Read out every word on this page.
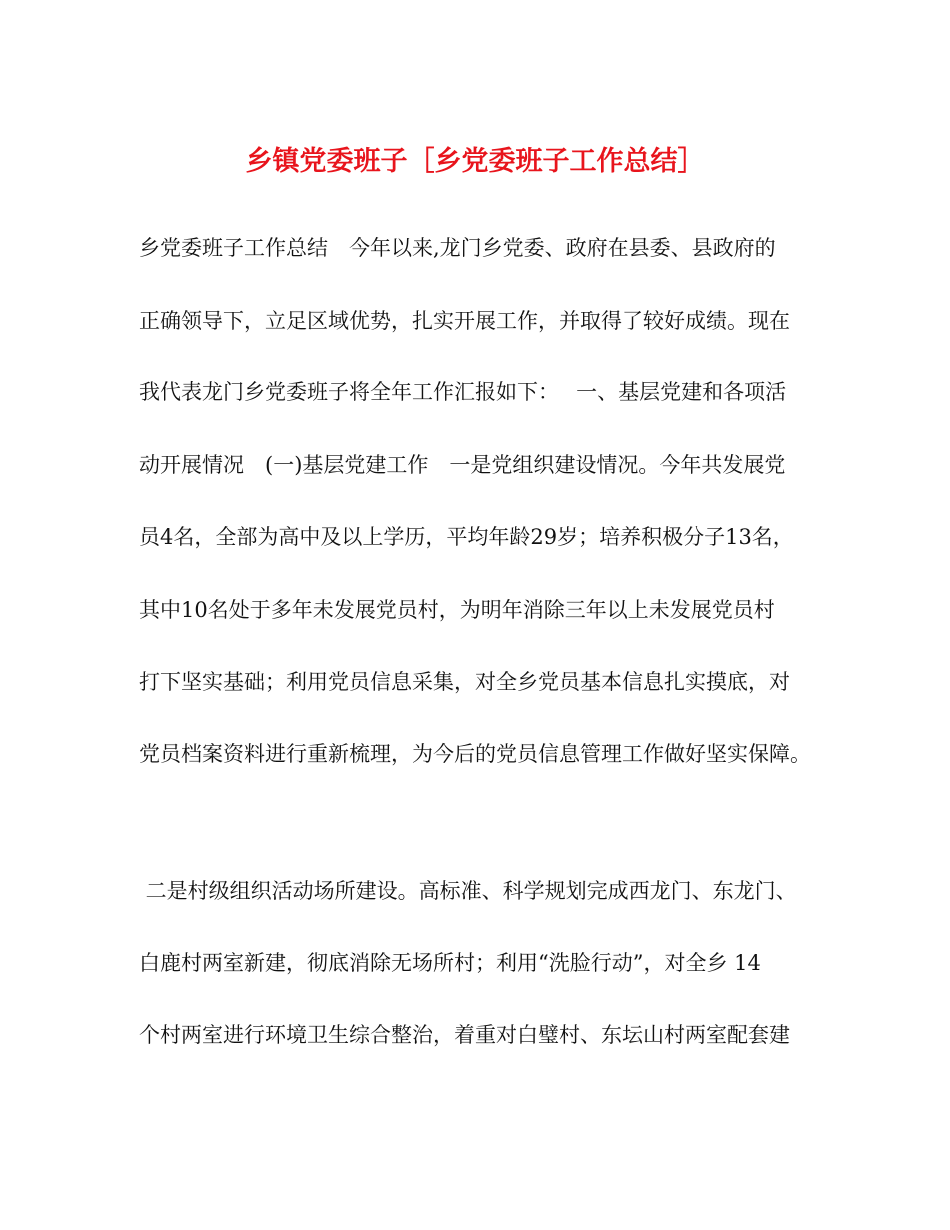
乡镇党委班子［乡党委班子工作总结］
乡党委班子工作总结　今年以来,龙门乡党委、政府在县委、县政府的
正确领导下，立足区域优势，扎实开展工作，并取得了较好成绩。现在
我代表龙门乡党委班子将全年工作汇报如下：　 一、基层党建和各项活
动开展情况　(一)基层党建工作　一是党组织建设情况。今年共发展党
员4名，全部为高中及以上学历，平均年龄29岁；培养积极分子13名，
其中10名处于多年未发展党员村，为明年消除三年以上未发展党员村
打下坚实基础；利用党员信息采集，对全乡党员基本信息扎实摸底，对
党员档案资料进行重新梳理，为今后的党员信息管理工作做好坚实保障。
二是村级组织活动场所建设。高标准、科学规划完成西龙门、东龙门、
白鹿村两室新建，彻底消除无场所村；利用“洗脸行动”，对全乡 14
个村两室进行环境卫生综合整治，着重对白璧村、东坛山村两室配套建
